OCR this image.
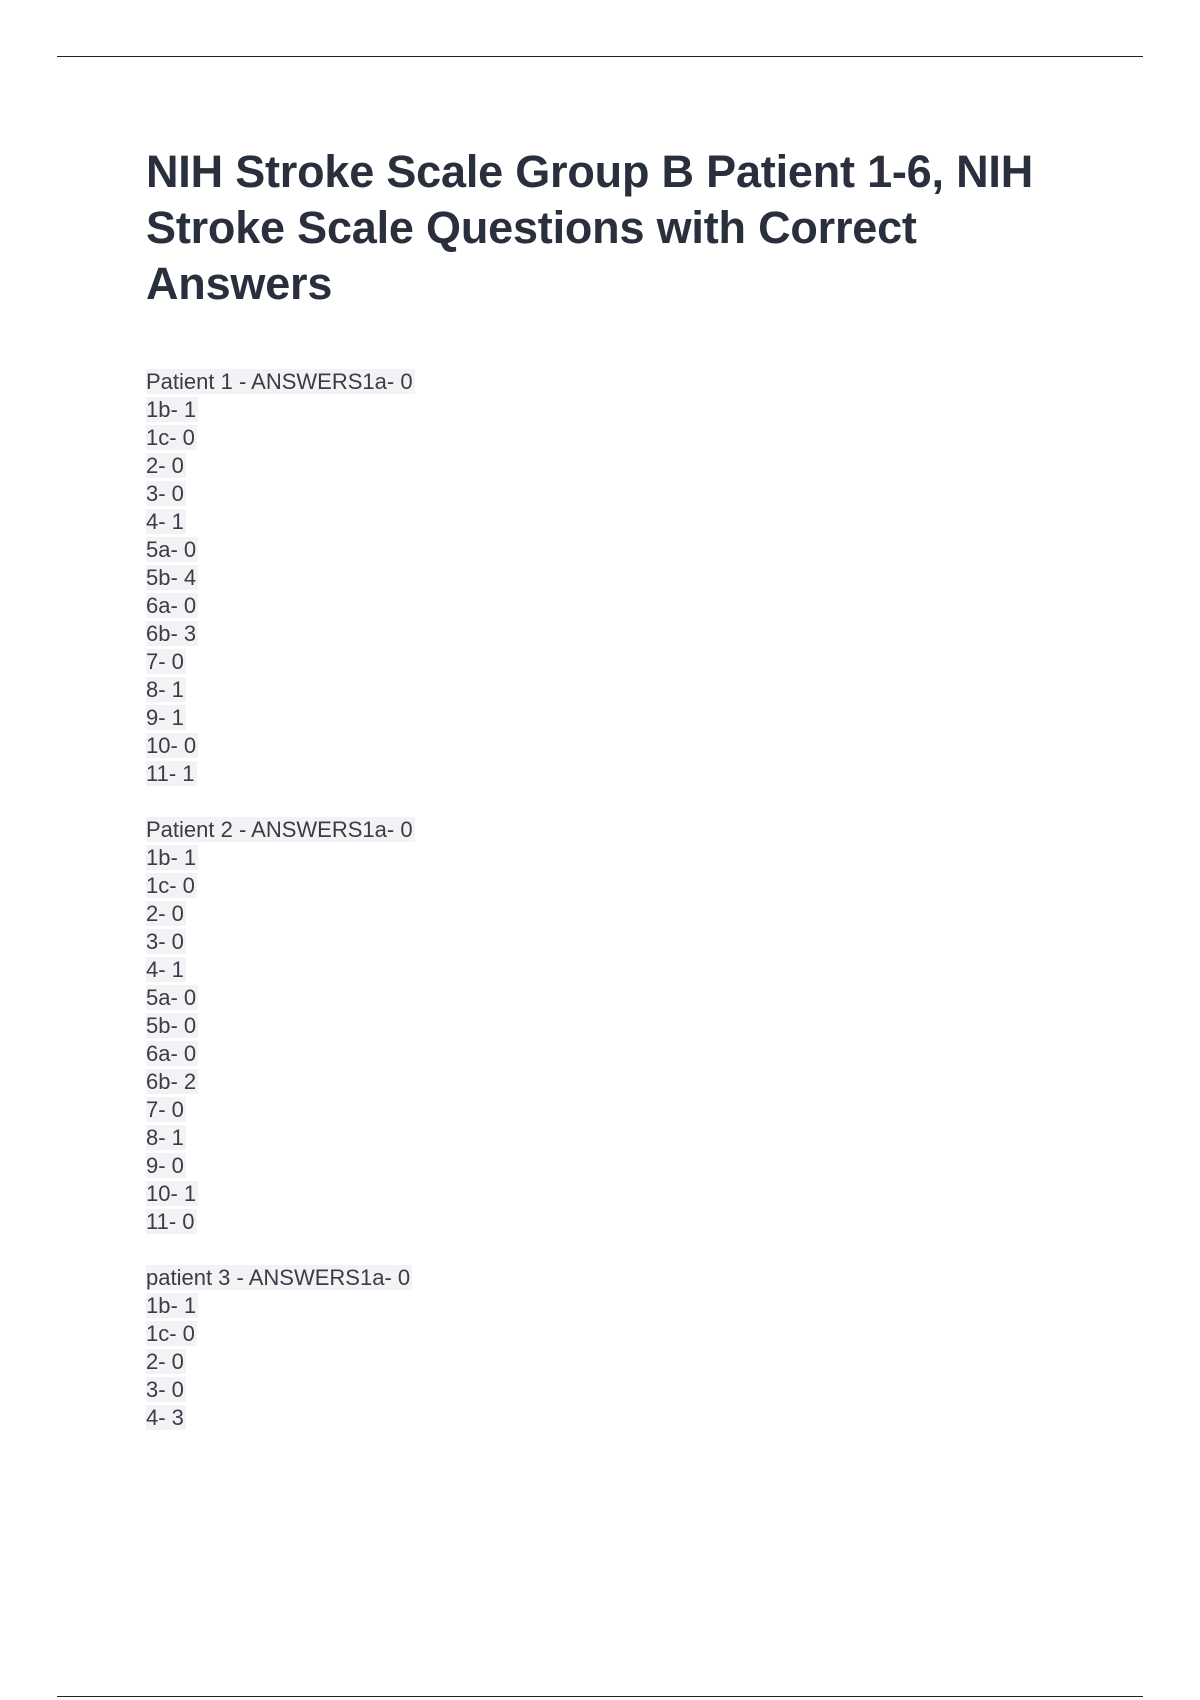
NIH Stroke Scale Group B Patient 1-6, NIH Stroke Scale Questions with Correct Answers
Patient 1 - ANSWERS1a- 0
1b- 1
1c- 0
2- 0
3- 0
4- 1
5a- 0
5b- 4
6a- 0
6b- 3
7- 0
8- 1
9- 1
10- 0
11- 1
Patient 2 - ANSWERS1a- 0
1b- 1
1c- 0
2- 0
3- 0
4- 1
5a- 0
5b- 0
6a- 0
6b- 2
7- 0
8- 1
9- 0
10- 1
11- 0
patient 3 - ANSWERS1a- 0
1b- 1
1c- 0
2- 0
3- 0
4- 3
